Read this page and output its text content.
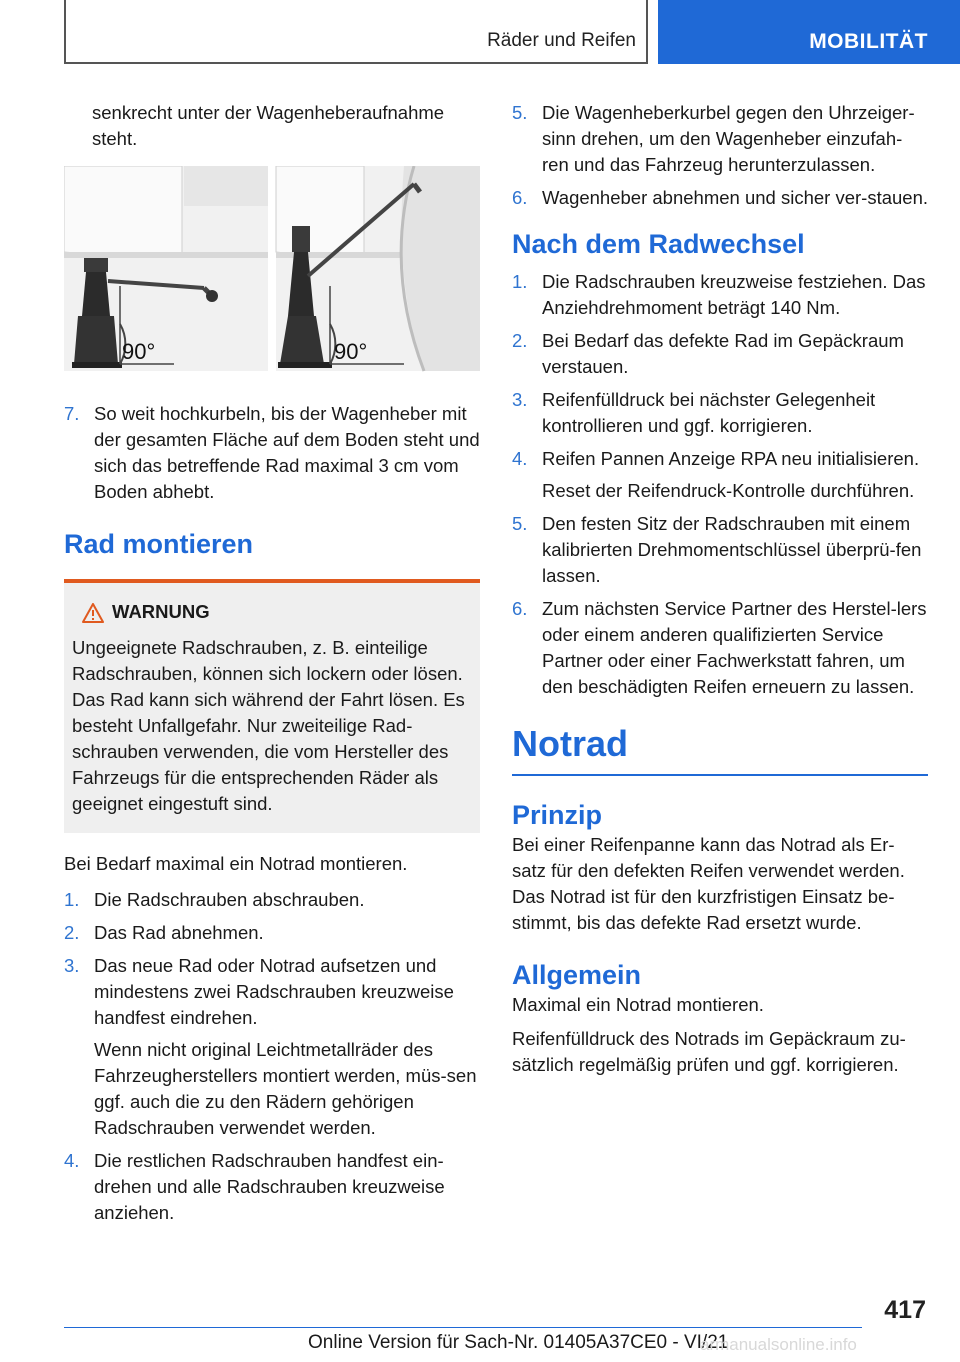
Räder und Reifen	MOBILITÄT

senkrecht unter der Wagenheberaufnahme steht.

90°	90°
7. So weit hochkurbeln, bis der Wagenheber mit der gesamten Fläche auf dem Boden steht und sich das betreffende Rad maximal 3 cm vom Boden abhebt.

Rad montieren
WARNUNG

Ungeeignete Radschrauben, z. B. einteilige Radschrauben, können sich lockern oder lösen. Das Rad kann sich während der Fahrt lösen. Es besteht Unfallgefahr. Nur zweiteilige Rad-schrauben verwenden, die vom Hersteller des Fahrzeugs für die entsprechenden Räder als geeignet eingestuft sind.

Bei Bedarf maximal ein Notrad montieren.

1. Die Radschrauben abschrauben.

2. Das Rad abnehmen.

3. Das neue Rad oder Notrad aufsetzen und mindestens zwei Radschrauben kreuzweise handfest eindrehen.

Wenn nicht original Leichtmetallräder des Fahrzeugherstellers montiert werden, müs-sen ggf. auch die zu den Rädern gehörigen Radschrauben verwendet werden.

4. Die restlichen Radschrauben handfest ein-drehen und alle Radschrauben kreuzweise anziehen.

5. Die Wagenheberkurbel gegen den Uhrzeiger-sinn drehen, um den Wagenheber einzufah-ren und das Fahrzeug herunterzulassen.

6. Wagenheber abnehmen und sicher ver-stauen.

Nach dem Radwechsel
1. Die Radschrauben kreuzweise festziehen. Das Anziehdrehmoment beträgt 140 Nm.

2. Bei Bedarf das defekte Rad im Gepäckraum verstauen.

3. Reifenfülldruck bei nächster Gelegenheit kontrollieren und ggf. korrigieren.

4. Reifen Pannen Anzeige RPA neu initialisieren.

Reset der Reifendruck-Kontrolle durchführen.

5. Den festen Sitz der Radschrauben mit einem kalibrierten Drehmomentschlüssel überprü-fen lassen.

6. Zum nächsten Service Partner des Herstel-lers oder einem anderen qualifizierten Service Partner oder einer Fachwerkstatt fahren, um den beschädigten Reifen erneuern zu lassen.

Notrad
Prinzip

Bei einer Reifenpanne kann das Notrad als Er-satz für den defekten Reifen verwendet werden. Das Notrad ist für den kurzfristigen Einsatz be-stimmt, bis das defekte Rad ersetzt wurde.

Allgemein

Maximal ein Notrad montieren.

Reifenfülldruck des Notrads im Gepäckraum zu-sätzlich regelmäßig prüfen und ggf. korrigieren.

417
Online Version für Sach-Nr. 01405A37CE0 - VI/21
armanualsonline.info
